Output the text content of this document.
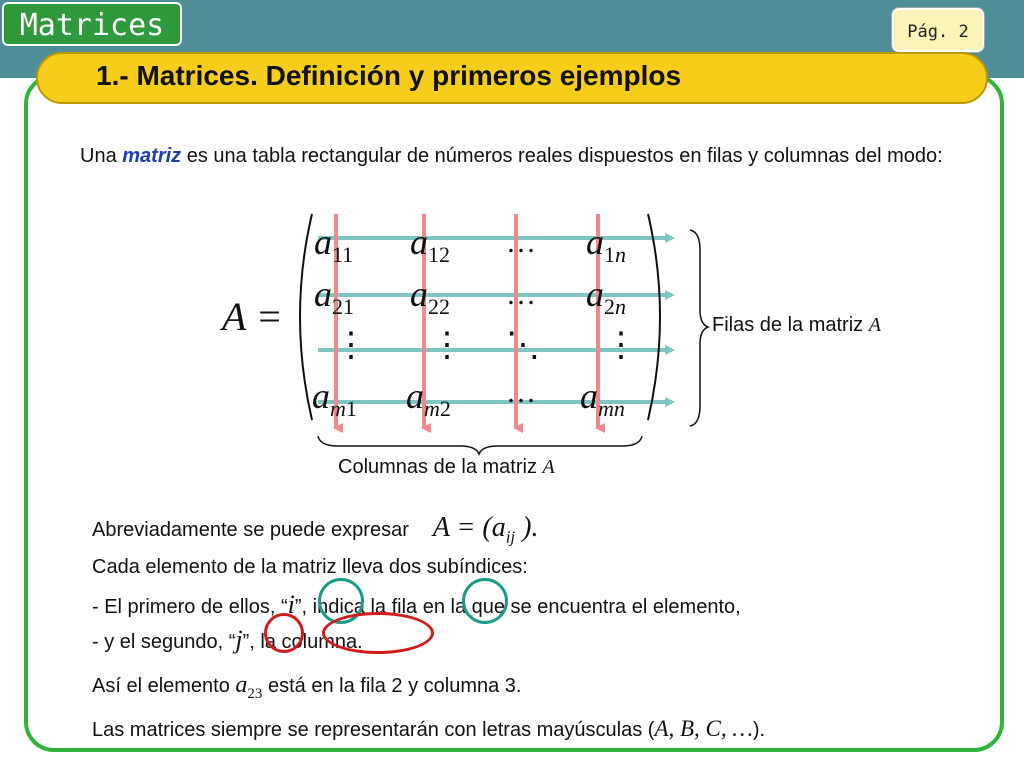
Matrices	Pág. 2
1.- Matrices. Definición y primeros ejemplos
Una matriz es una tabla rectangular de números reales dispuestos en filas y columnas del modo:
A =
$a_{11}$ $a_{12}$ … $a_1n$
$a_{21}$ $a_{22}$ … $a_2n$
⋮ ⋮ ⋱ ⋮
$a_m1$ $a_m2$ … $a_{mn}$
Filas de la matriz A
Columnas de la matriz A
Abreviadamente se puede expresar $A = (a_{ij}$ ).
Cada elemento de la matriz lleva dos subíndices:
- El primero de ellos, “i”, indica la fila en la que se encuentra el elemento,
- y el segundo, “j”, la columna.
Así el elemento $a_{23}$ está en la fila 2 y columna 3.
Las matrices siempre se representarán con letras mayúsculas (A, B, C, …).
